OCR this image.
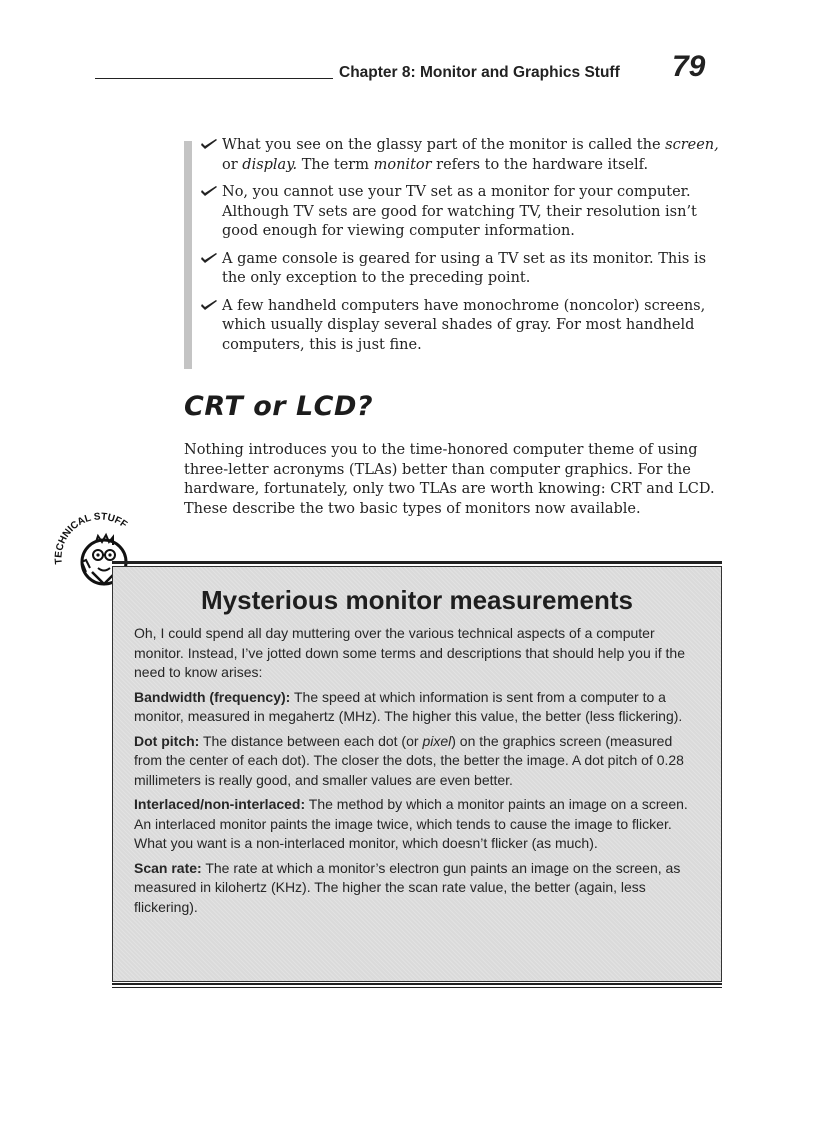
Chapter 8: Monitor and Graphics Stuff 79
What you see on the glassy part of the monitor is called the screen, or display. The term monitor refers to the hardware itself.
No, you cannot use your TV set as a monitor for your computer. Although TV sets are good for watching TV, their resolution isn’t good enough for viewing computer information.
A game console is geared for using a TV set as its monitor. This is the only exception to the preceding point.
A few handheld computers have monochrome (noncolor) screens, which usually display several shades of gray. For most handheld computers, this is just fine.
CRT or LCD?

Nothing introduces you to the time-honored computer theme of using three-letter acronyms (TLAs) better than computer graphics. For the hardware, fortunately, only two TLAs are worth knowing: CRT and LCD. These describe the two basic types of monitors now available.

TECHNICAL STUFF
Mysterious monitor measurements

Oh, I could spend all day muttering over the various technical aspects of a computer monitor. Instead, I’ve jotted down some terms and descriptions that should help you if the need to know arises:

Bandwidth (frequency): The speed at which information is sent from a computer to a monitor, measured in megahertz (MHz). The higher this value, the better (less flickering).

Dot pitch: The distance between each dot (or pixel) on the graphics screen (measured from the center of each dot). The closer the dots, the better the image. A dot pitch of 0.28 millimeters is really good, and smaller values are even better.

Interlaced/non-interlaced: The method by which a monitor paints an image on a screen. An interlaced monitor paints the image twice, which tends to cause the image to flicker. What you want is a non-interlaced monitor, which doesn’t flicker (as much).

Scan rate: The rate at which a monitor’s electron gun paints an image on the screen, as measured in kilohertz (KHz). The higher the scan rate value, the better (again, less flickering).
